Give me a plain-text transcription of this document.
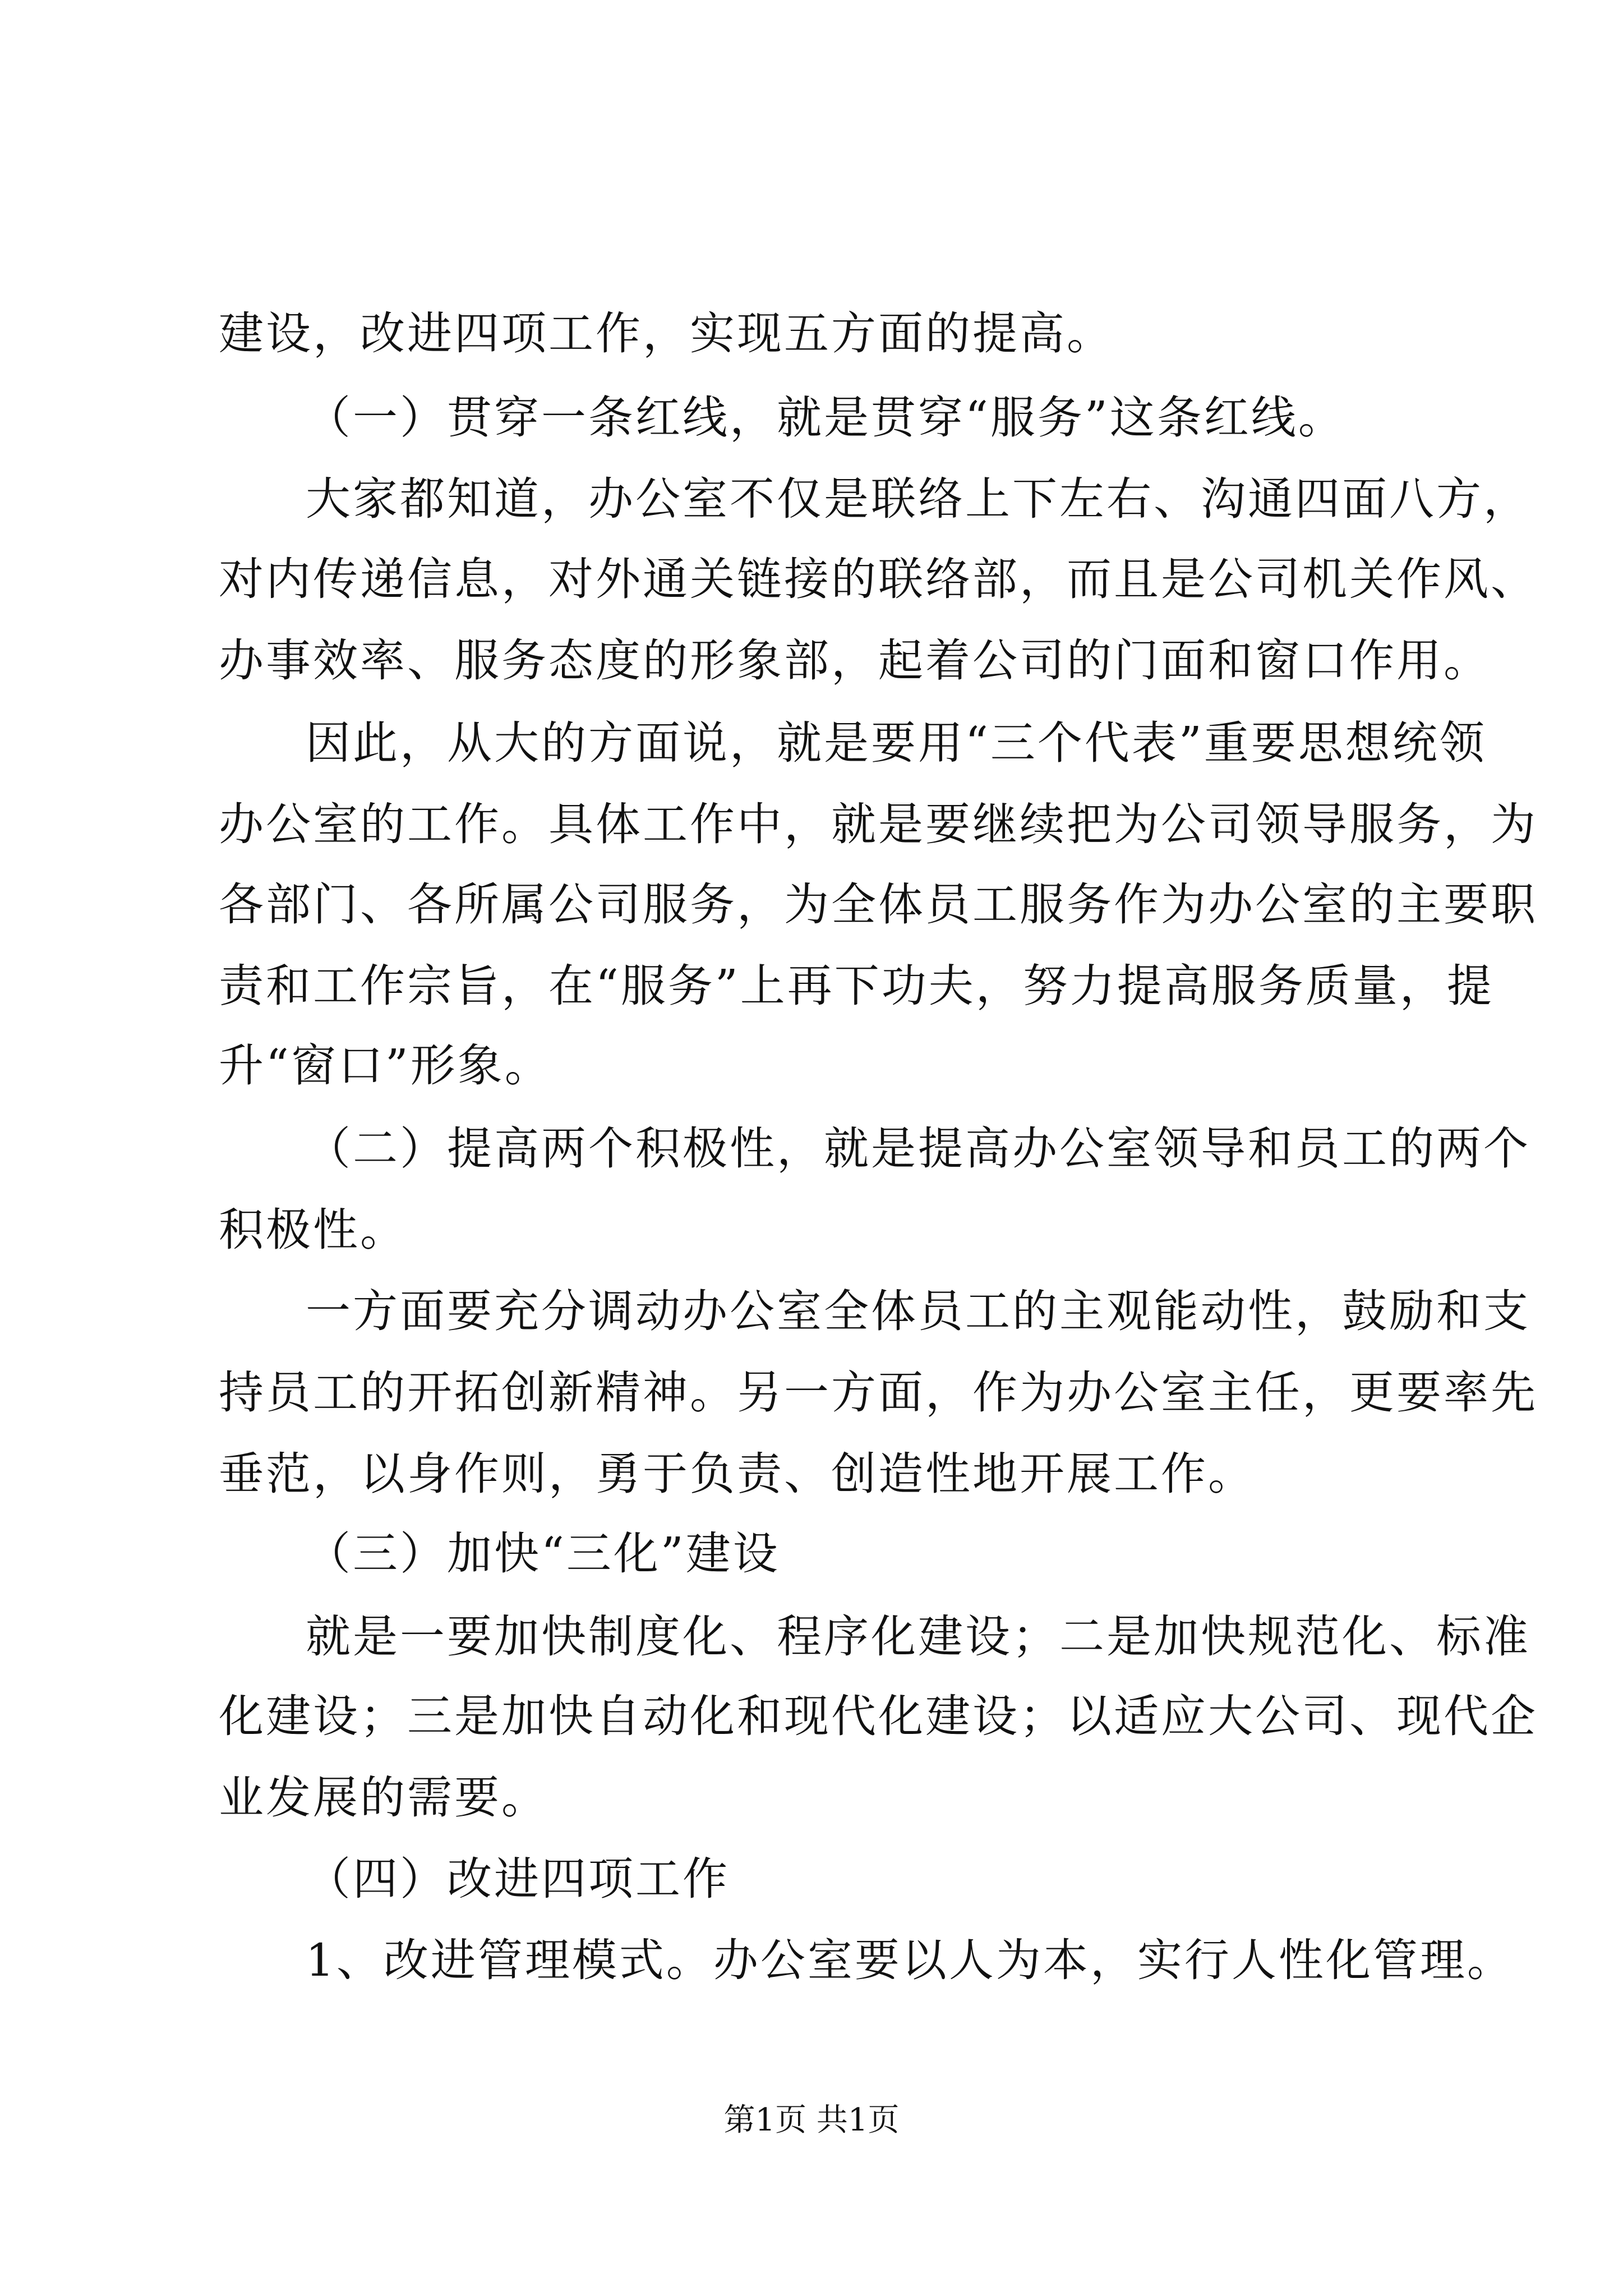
建设，改进四项工作，实现五方面的提高。
（一）贯穿一条红线，就是贯穿“服务”这条红线。
大家都知道，办公室不仅是联络上下左右、沟通四面八方，
对内传递信息，对外通关链接的联络部，而且是公司机关作风、
办事效率、服务态度的形象部，起着公司的门面和窗口作用。
因此，从大的方面说，就是要用“三个代表”重要思想统领
办公室的工作。具体工作中，就是要继续把为公司领导服务，为
各部门、各所属公司服务，为全体员工服务作为办公室的主要职
责和工作宗旨，在“服务”上再下功夫，努力提高服务质量，提
升“窗口”形象。
（二）提高两个积极性，就是提高办公室领导和员工的两个
积极性。
一方面要充分调动办公室全体员工的主观能动性，鼓励和支
持员工的开拓创新精神。另一方面，作为办公室主任，更要率先
垂范，以身作则，勇于负责、创造性地开展工作。
（三）加快“三化”建设
就是一要加快制度化、程序化建设；二是加快规范化、标准
化建设；三是加快自动化和现代化建设；以适应大公司、现代企
业发展的需要。
（四）改进四项工作
1、改进管理模式。办公室要以人为本，实行人性化管理。
第1页 共1页
